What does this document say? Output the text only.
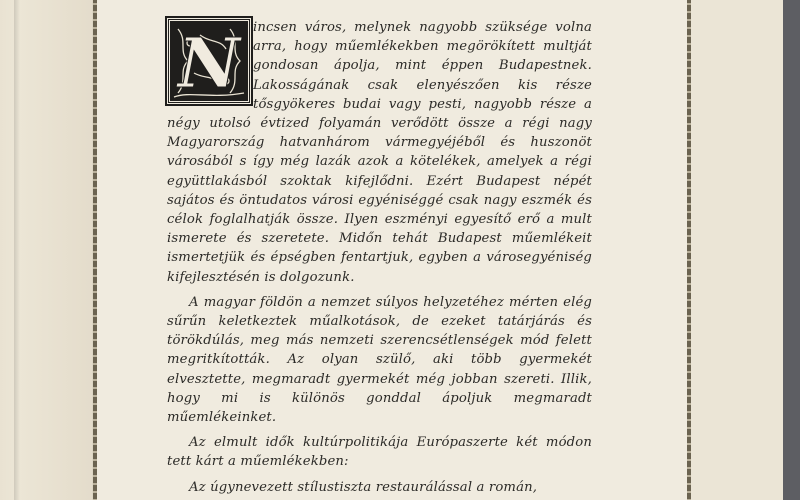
N incsen város, melynek nagyobb szüksége volna arra, hogy műemlékekben megörökített multját gondosan ápolja, mint éppen Budapestnek. Lakosságának csak elenyészően kis része tősgyökeres budai vagy pesti, nagyobb része a négy utolsó évtized folyamán verődött össze a régi nagy Magyarország hatvanhárom vármegyéjéből és huszonöt városából s így még lazák azok a kötelékek, amelyek a régi együttlakásból szoktak kifejlődni. Ezért Budapest népét sajátos és öntudatos városi egyéniséggé csak nagy eszmék és célok foglalhatják össze. Ilyen eszményi egyesítő erő a mult ismerete és szeretete. Midőn tehát Budapest műemlékeit ismertetjük és épségben fentartjuk, egyben a városegyéniség kifejlesztésén is dolgozunk.

A magyar földön a nemzet súlyos helyzetéhez mérten elég sűrűn keletkeztek műalkotások, de ezeket tatárjárás és törökdúlás, meg más nemzeti szerencsétlenségek mód felett megritkították. Az olyan szülő, aki több gyermekét elvesztette, megmaradt gyermekét még jobban szereti. Illik, hogy mi is különös gonddal ápoljuk megmaradt műemlékeinket.

Az elmult idők kultúrpolitikája Európaszerte két módon tett kárt a műemlékekben:

Az úgynevezett stílustiszta restaurálással a román,
